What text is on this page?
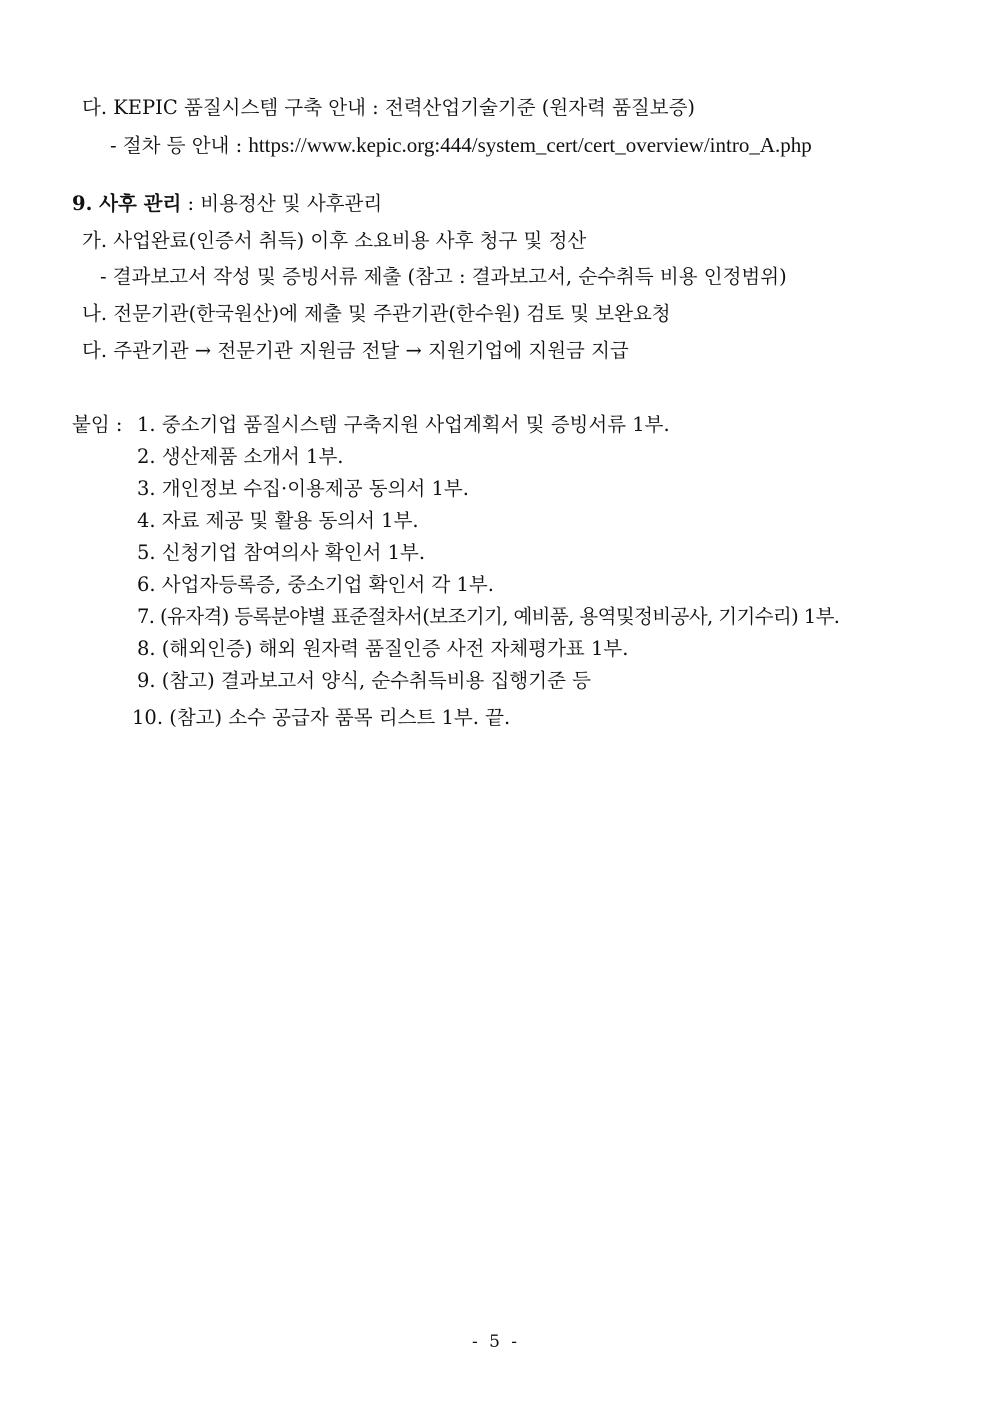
다. KEPIC 품질시스템 구축 안내 : 전력산업기술기준 (원자력 품질보증)
- 절차 등 안내 : https://www.kepic.org:444/system_cert/cert_overview/intro_A.php
9. 사후 관리 : 비용정산 및 사후관리
가. 사업완료(인증서 취득) 이후 소요비용 사후 청구 및 정산
- 결과보고서 작성 및 증빙서류 제출 (참고 : 결과보고서, 순수취득 비용 인정범위)
나. 전문기관(한국원산)에 제출 및 주관기관(한수원) 검토 및 보완요청
다. 주관기관 → 전문기관 지원금 전달 → 지원기업에 지원금 지급
붙임 : 1. 중소기업 품질시스템 구축지원 사업계획서 및 증빙서류 1부.
2. 생산제품 소개서 1부.
3. 개인정보 수집·이용제공 동의서 1부.
4. 자료 제공 및 활용 동의서 1부.
5. 신청기업 참여의사 확인서 1부.
6. 사업자등록증, 중소기업 확인서 각 1부.
7. (유자격) 등록분야별 표준절차서(보조기기, 예비품, 용역및정비공사, 기기수리) 1부.
8. (해외인증) 해외 원자력 품질인증 사전 자체평가표 1부.
9. (참고) 결과보고서 양식, 순수취득비용 집행기준 등
10. (참고) 소수 공급자 품목 리스트 1부. 끝.
- 5 -
